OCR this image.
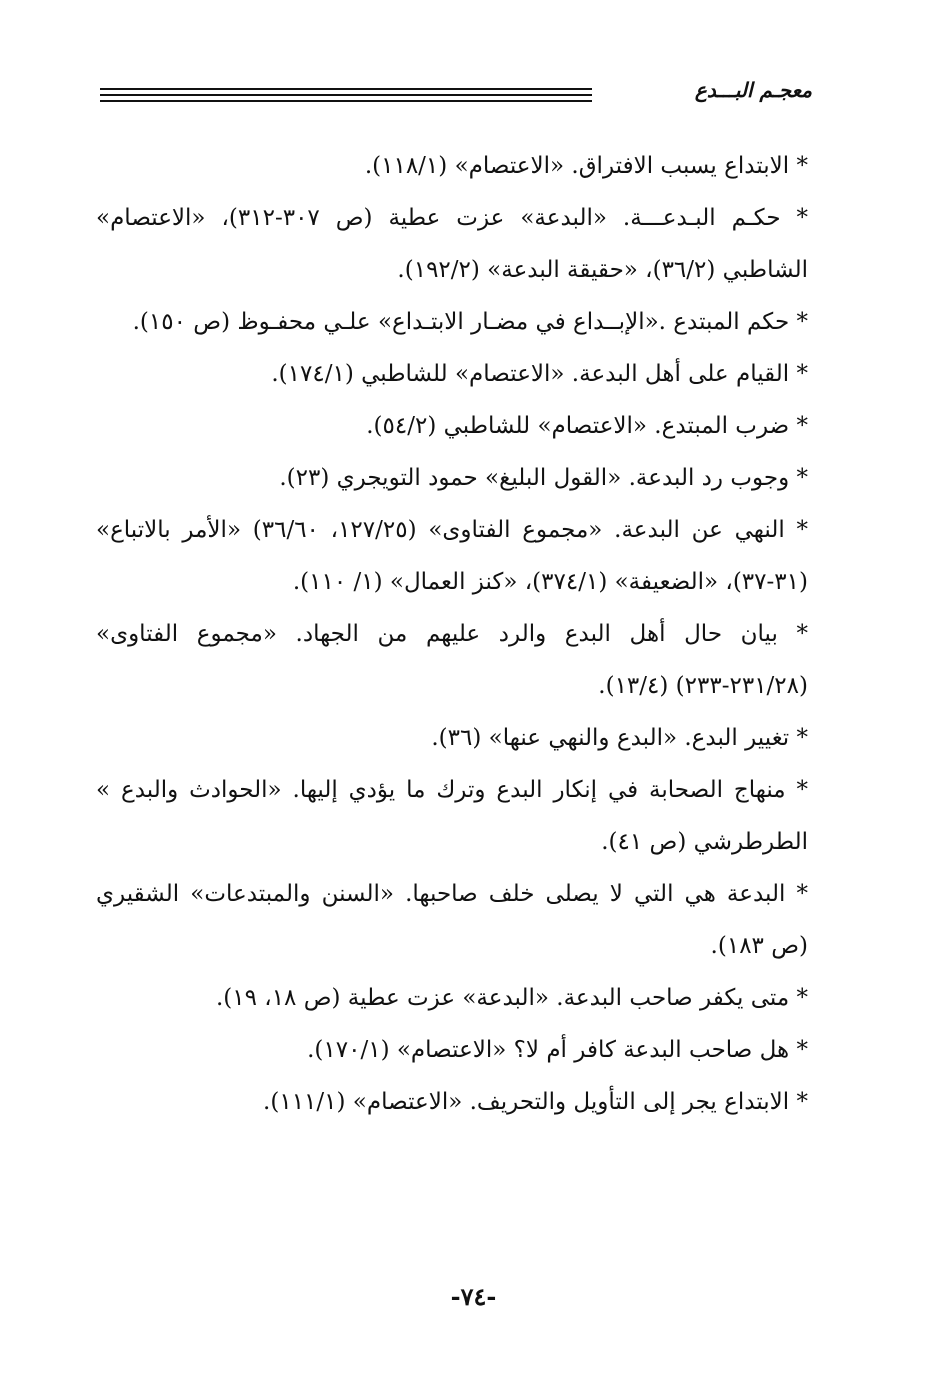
معجـم البـــدع

* الابتداع يسبب الافتراق. «الاعتصام» (١١٨/١).

* حكـم البـدعـــة. «البدعة» عزت عطية (ص ٣٠٧-٣١٢)، «الاعتصام» الشاطبي (٣٦/٢)، «حقيقة البدعة» (١٩٢/٢).

* حكم المبتدع .«الإبــداع في مضـار الابتـداع» علـي محفـوظ (ص ١٥٠).

* القيام على أهل البدعة. «الاعتصام» للشاطبي (١٧٤/١).

* ضرب المبتدع. «الاعتصام» للشاطبي (٥٤/٢).

* وجوب رد البدعة. «القول البليغ» حمود التويجري (٢٣).

* النهي عن البدعة. «مجموع الفتاوى» (١٢٧/٢٥، ٣٦/٦٠) «الأمر بالاتباع» (٣١-٣٧)، «الضعيفة» (٣٧٤/١)، «كنز العمال» (١/ ١١٠).

* بيان حال أهل البدع والرد عليهم من الجهاد. «مجموع الفتاوى» (٢٣١/٢٨-٢٣٣) (١٣/٤).

* تغيير البدع. «البدع والنهي عنها» (٣٦).

* منهاج الصحابة في إنكار البدع وترك ما يؤدي إليها. «الحوادث والبدع » الطرطرشي (ص ٤١).

* البدعة هي التي لا يصلى خلف صاحبها. «السنن والمبتدعات» الشقيري (ص ١٨٣).

* متى يكفر صاحب البدعة. «البدعة» عزت عطية (ص ١٨، ١٩).

* هل صاحب البدعة كافر أم لا؟ «الاعتصام» (١٧٠/١).

* الابتداع يجر إلى التأويل والتحريف. «الاعتصام» (١١١/١).

-٧٤-
